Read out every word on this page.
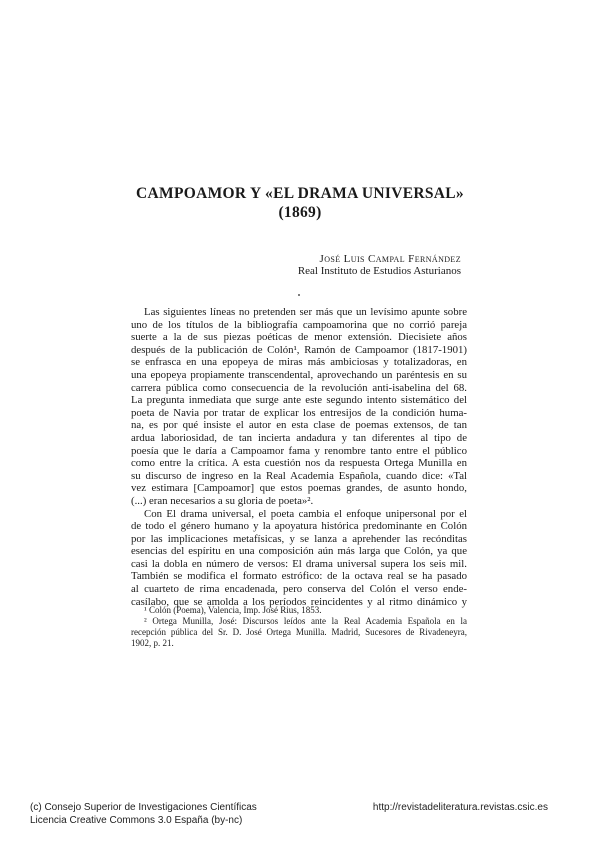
CAMPOAMOR Y «EL DRAMA UNIVERSAL»
(1869)
José Luis Campal Fernández
Real Instituto de Estudios Asturianos
Las siguientes líneas no pretenden ser más que un levísimo apunte sobre
uno de los títulos de la bibliografía campoamorina que no corrió pareja
suerte a la de sus piezas poéticas de menor extensión. Diecisiete años
después de la publicación de Colón¹, Ramón de Campoamor (1817-1901)
se enfrasca en una epopeya de miras más ambiciosas y totalizadoras, en
una epopeya propiamente transcendental, aprovechando un paréntesis en su
carrera pública como consecuencia de la revolución anti-isabelina del 68.
La pregunta inmediata que surge ante este segundo intento sistemático del
poeta de Navia por tratar de explicar los entresijos de la condición huma-
na, es por qué insiste el autor en esta clase de poemas extensos, de tan
ardua laboriosidad, de tan incierta andadura y tan diferentes al tipo de
poesía que le daría a Campoamor fama y renombre tanto entre el público
como entre la crítica. A esta cuestión nos da respuesta Ortega Munilla en
su discurso de ingreso en la Real Academia Española, cuando dice: «Tal
vez estimara [Campoamor] que estos poemas grandes, de asunto hondo,
(...) eran necesarios a su gloria de poeta»².
Con El drama universal, el poeta cambia el enfoque unipersonal por el
de todo el género humano y la apoyatura histórica predominante en Colón
por las implicaciones metafísicas, y se lanza a aprehender las recónditas
esencias del espíritu en una composición aún más larga que Colón, ya que
casi la dobla en número de versos: El drama universal supera los seis mil.
También se modifica el formato estrófico: de la octava real se ha pasado
al cuarteto de rima encadenada, pero conserva del Colón el verso ende-
casílabo, que se amolda a los períodos reincidentes y al ritmo dinámico y
¹ Colón (Poema), Valencia, Imp. José Rius, 1853.
² Ortega Munilla, José: Discursos leídos ante la Real Academia Española en la
recepción pública del Sr. D. José Ortega Munilla. Madrid, Sucesores de Rivadeneyra,
1902, p. 21.
(c) Consejo Superior de Investigaciones Científicas
Licencia Creative Commons 3.0 España (by-nc)
http://revistadeliteratura.revistas.csic.es
